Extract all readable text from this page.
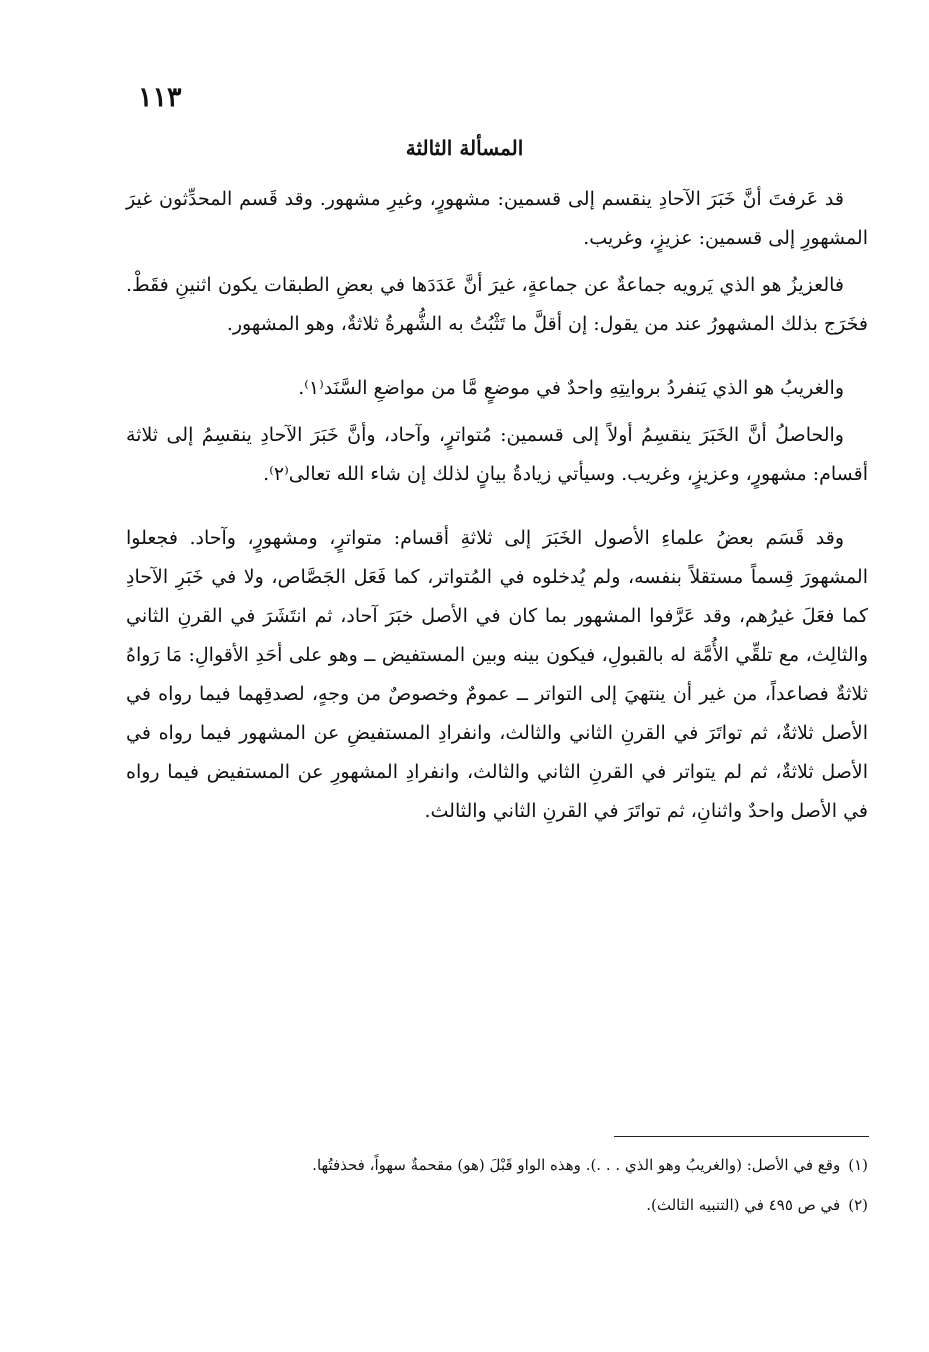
١١٣
المسألة الثالثة

قد عَرفتَ أنَّ خَبَرَ الآحادِ ينقسم إلى قسمين: مشهورٍ، وغيرِ مشهور. وقد قَسم المحدِّثون غيرَ المشهورِ إلى قسمين: عزيزٍ، وغريب.

فالعزيزُ هو الذي يَرويه جماعةٌ عن جماعةٍ، غيرَ أنَّ عَدَدَها في بعضِ الطبقات يكون اثنينِ فقَطْ. فخَرَج بذلك المشهورُ عند من يقول: إن أقلَّ ما تَثْبُتُ به الشُّهرةُ ثلاثةٌ، وهو المشهور.

والغريبُ هو الذي يَنفردُ بروايتِهِ واحدٌ في موضعٍ مَّا من مواضعِ السَّنَد⁽١⁾.

والحاصلُ أنَّ الخَبَرَ ينقسِمُ أولاً إلى قسمين: مُتواترٍ، وآحاد، وأنَّ خَبَرَ الآحادِ ينقسِمُ إلى ثلاثة أقسام: مشهورٍ، وعزيزٍ، وغريب. وسيأتي زيادةُ بيانٍ لذلك إن شاء الله تعالى⁽٢⁾.

وقد قَسَم بعضُ علماءِ الأصول الخَبَرَ إلى ثلاثةِ أقسام: متواترٍ، ومشهورٍ، وآحاد. فجعلوا المشهورَ قِسماً مستقلاً بنفسه، ولم يُدخلوه في المُتواتر، كما فَعَل الجَصَّاص، ولا في خَبَرِ الآحادِ كما فعَلَ غيرُهم، وقد عَرَّفوا المشهور بما كان في الأصل خبَرَ آحاد، ثم انتَشَرَ في القرنِ الثاني والثالِث، مع تلقِّي الأُمَّة له بالقبولِ، فيكون بينه وبين المستفيض ــ وهو على أحَدِ الأقوالِ: مَا رَواهُ ثلاثةٌ فصاعداً، من غير أن ينتهيَ إلى التواتر ــ عمومٌ وخصوصٌ من وجهٍ، لصدقِهما فيما رواه في الأصل ثلاثةٌ، ثم تواتَرَ في القرنِ الثاني والثالث، وانفرادِ المستفيضِ عن المشهور فيما رواه في الأصل ثلاثةٌ، ثم لم يتواتر في القرنِ الثاني والثالث، وانفرادِ المشهورِ عن المستفيض فيما رواه في الأصل واحدٌ واثنانِ، ثم تواتَرَ في القرنِ الثاني والثالث.

(١)وقع في الأصل: (والغريبُ وهو الذي . . .). وهذه الواو قَبْلَ (هو) مقحمةٌ سهواً، فحذفتُها.

(٢)في ص ٤٩٥ في (التنبيه الثالث).
